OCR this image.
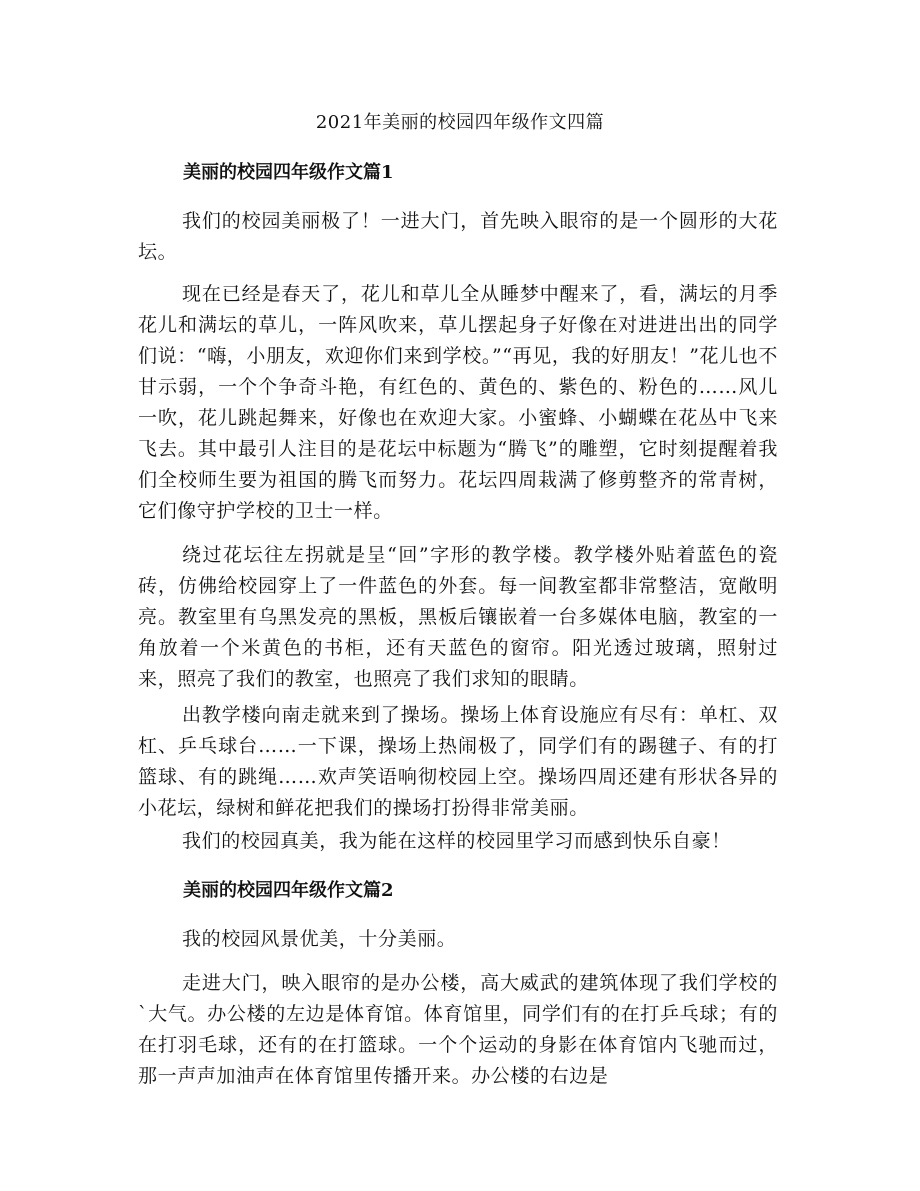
2021年美丽的校园四年级作文四篇
美丽的校园四年级作文篇1

我们的校园美丽极了！一进大门，首先映入眼帘的是一个圆形的大花坛。

现在已经是春天了，花儿和草儿全从睡梦中醒来了，看，满坛的月季花儿和满坛的草儿，一阵风吹来，草儿摆起身子好像在对进进出出的同学们说：“嗨，小朋友，欢迎你们来到学校。”“再见，我的好朋友！”花儿也不甘示弱，一个个争奇斗艳，有红色的、黄色的、紫色的、粉色的……风儿一吹，花儿跳起舞来，好像也在欢迎大家。小蜜蜂、小蝴蝶在花丛中飞来飞去。其中最引人注目的是花坛中标题为“腾飞”的雕塑，它时刻提醒着我们全校师生要为祖国的腾飞而努力。花坛四周栽满了修剪整齐的常青树，它们像守护学校的卫士一样。

绕过花坛往左拐就是呈“回”字形的教学楼。教学楼外贴着蓝色的瓷砖，仿佛给校园穿上了一件蓝色的外套。每一间教室都非常整洁，宽敞明亮。教室里有乌黑发亮的黑板，黑板后镶嵌着一台多媒体电脑，教室的一角放着一个米黄色的书柜，还有天蓝色的窗帘。阳光透过玻璃，照射过来，照亮了我们的教室，也照亮了我们求知的眼睛。

出教学楼向南走就来到了操场。操场上体育设施应有尽有：单杠、双杠、乒乓球台……一下课，操场上热闹极了，同学们有的踢毽子、有的打篮球、有的跳绳……欢声笑语响彻校园上空。操场四周还建有形状各异的小花坛，绿树和鲜花把我们的操场打扮得非常美丽。

我们的校园真美，我为能在这样的校园里学习而感到快乐自豪！

美丽的校园四年级作文篇2

我的校园风景优美，十分美丽。

走进大门，映入眼帘的是办公楼，高大威武的建筑体现了我们学校的`大气。办公楼的左边是体育馆。体育馆里，同学们有的在打乒乓球；有的在打羽毛球，还有的在打篮球。一个个运动的身影在体育馆内飞驰而过，那一声声加油声在体育馆里传播开来。办公楼的右边是
